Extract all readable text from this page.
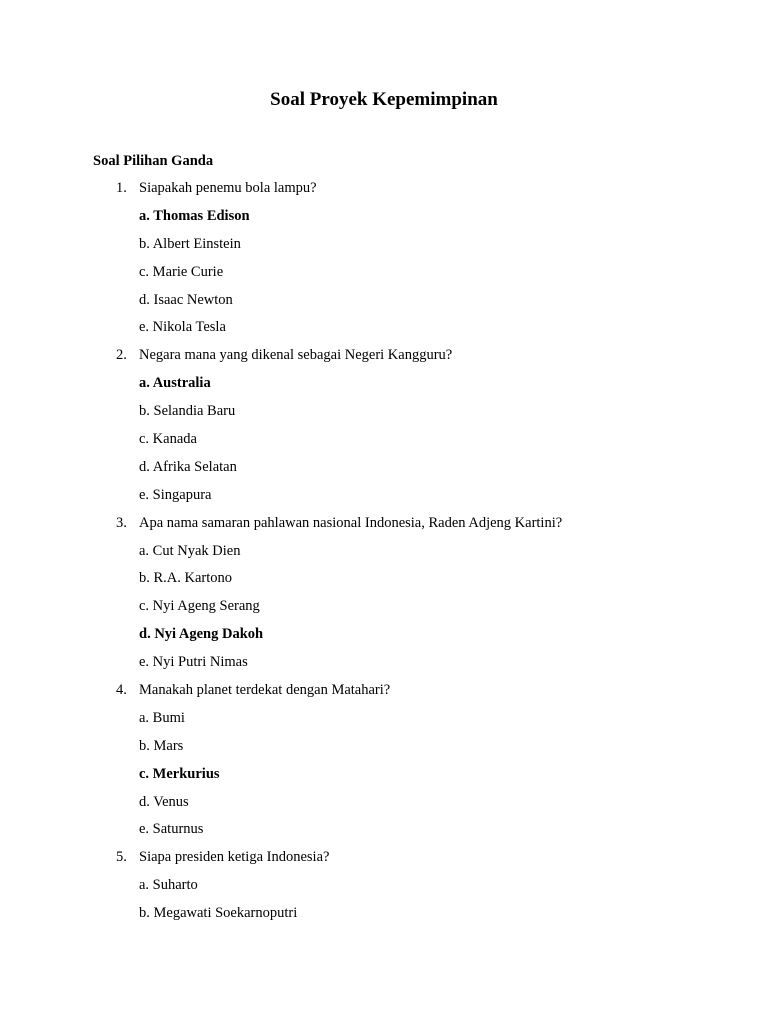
Soal Proyek Kepemimpinan
Soal Pilihan Ganda
1. Siapakah penemu bola lampu?
a. Thomas Edison
b. Albert Einstein
c. Marie Curie
d. Isaac Newton
e. Nikola Tesla
2. Negara mana yang dikenal sebagai Negeri Kangguru?
a. Australia
b. Selandia Baru
c. Kanada
d. Afrika Selatan
e. Singapura
3. Apa nama samaran pahlawan nasional Indonesia, Raden Adjeng Kartini?
a. Cut Nyak Dien
b. R.A. Kartono
c. Nyi Ageng Serang
d. Nyi Ageng Dakoh
e. Nyi Putri Nimas
4. Manakah planet terdekat dengan Matahari?
a. Bumi
b. Mars
c. Merkurius
d. Venus
e. Saturnus
5. Siapa presiden ketiga Indonesia?
a. Suharto
b. Megawati Soekarnoputri
